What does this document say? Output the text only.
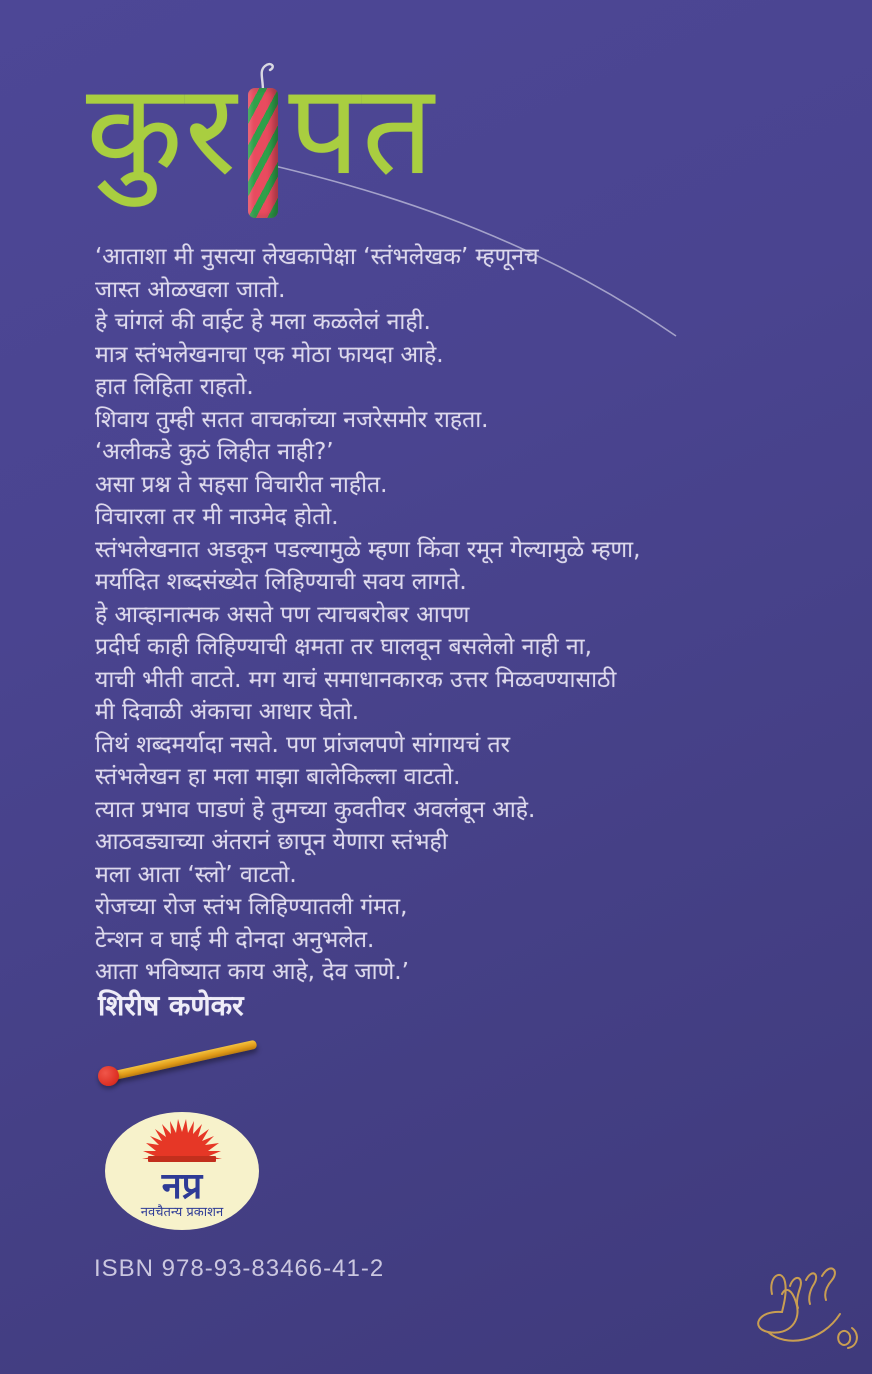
कुर पत
‘आताशा मी नुसत्या लेखकापेक्षा ‘स्तंभलेखक’ म्हणूनच
जास्त ओळखला जातो.
हे चांगलं की वाईट हे मला कळलेलं नाही.
मात्र स्तंभलेखनाचा एक मोठा फायदा आहे.
हात लिहिता राहतो.
शिवाय तुम्ही सतत वाचकांच्या नजरेसमोर राहता.
‘अलीकडे कुठं लिहीत नाही?’
असा प्रश्न ते सहसा विचारीत नाहीत.
विचारला तर मी नाउमेद होतो.
स्तंभलेखनात अडकून पडल्यामुळे म्हणा किंवा रमून गेल्यामुळे म्हणा,
मर्यादित शब्दसंख्येत लिहिण्याची सवय लागते.
हे आव्हानात्मक असते पण त्याचबरोबर आपण
प्रदीर्घ काही लिहिण्याची क्षमता तर घालवून बसलेलो नाही ना,
याची भीती वाटते. मग याचं समाधानकारक उत्तर मिळवण्यासाठी
मी दिवाळी अंकाचा आधार घेतो.
तिथं शब्दमर्यादा नसते. पण प्रांजलपणे सांगायचं तर
स्तंभलेखन हा मला माझा बालेकिल्ला वाटतो.
त्यात प्रभाव पाडणं हे तुमच्या कुवतीवर अवलंबून आहे.
आठवड्याच्या अंतरानं छापून येणारा स्तंभही
मला आता ‘स्लो’ वाटतो.
रोजच्या रोज स्तंभ लिहिण्यातली गंमत,
टेन्शन व घाई मी दोनदा अनुभलेत.
आता भविष्यात काय आहे, देव जाणे.’
शिरीष कणेकर
नप्र
नवचैतन्य प्रकाशन
ISBN 978-93-83466-41-2
